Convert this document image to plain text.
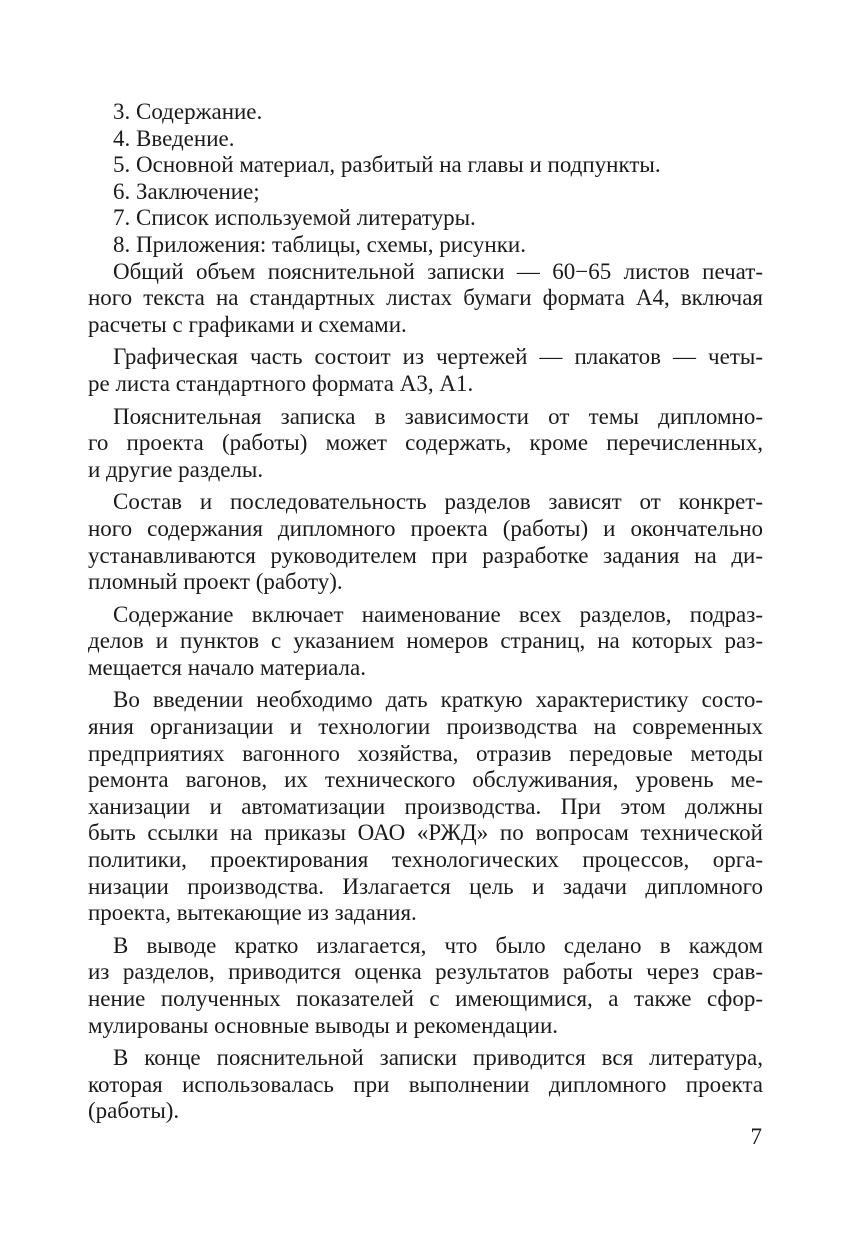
3. Содержание.
4. Введение.
5. Основной материал, разбитый на главы и подпункты.
6. Заключение;
7. Список используемой литературы.
8. Приложения: таблицы, схемы, рисунки.
Общий объем пояснительной записки — 60−65 листов печат-
ного текста на стандартных листах бумаги формата А4, включая
расчеты с графиками и схемами.
Графическая часть состоит из чертежей — плакатов — четы-
ре листа стандартного формата А3, А1.
Пояснительная записка в зависимости от темы дипломно-
го проекта (работы) может содержать, кроме перечисленных,
и другие разделы.
Состав и последовательность разделов зависят от конкрет-
ного содержания дипломного проекта (работы) и окончательно
устанавливаются руководителем при разработке задания на ди-
пломный проект (работу).
Содержание включает наименование всех разделов, подраз-
делов и пунктов с указанием номеров страниц, на которых раз-
мещается начало материала.
Во введении необходимо дать краткую характеристику состо-
яния организации и технологии производства на современных
предприятиях вагонного хозяйства, отразив передовые методы
ремонта вагонов, их технического обслуживания, уровень ме-
ханизации и автоматизации производства. При этом должны
быть ссылки на приказы ОАО «РЖД» по вопросам технической
политики, проектирования технологических процессов, орга-
низации производства. Излагается цель и задачи дипломного
проекта, вытекающие из задания.
В выводе кратко излагается, что было сделано в каждом
из разделов, приводится оценка результатов работы через срав-
нение полученных показателей с имеющимися, а также сфор-
мулированы основные выводы и рекомендации.
В конце пояснительной записки приводится вся литература,
которая использовалась при выполнении дипломного проекта
(работы).
7
